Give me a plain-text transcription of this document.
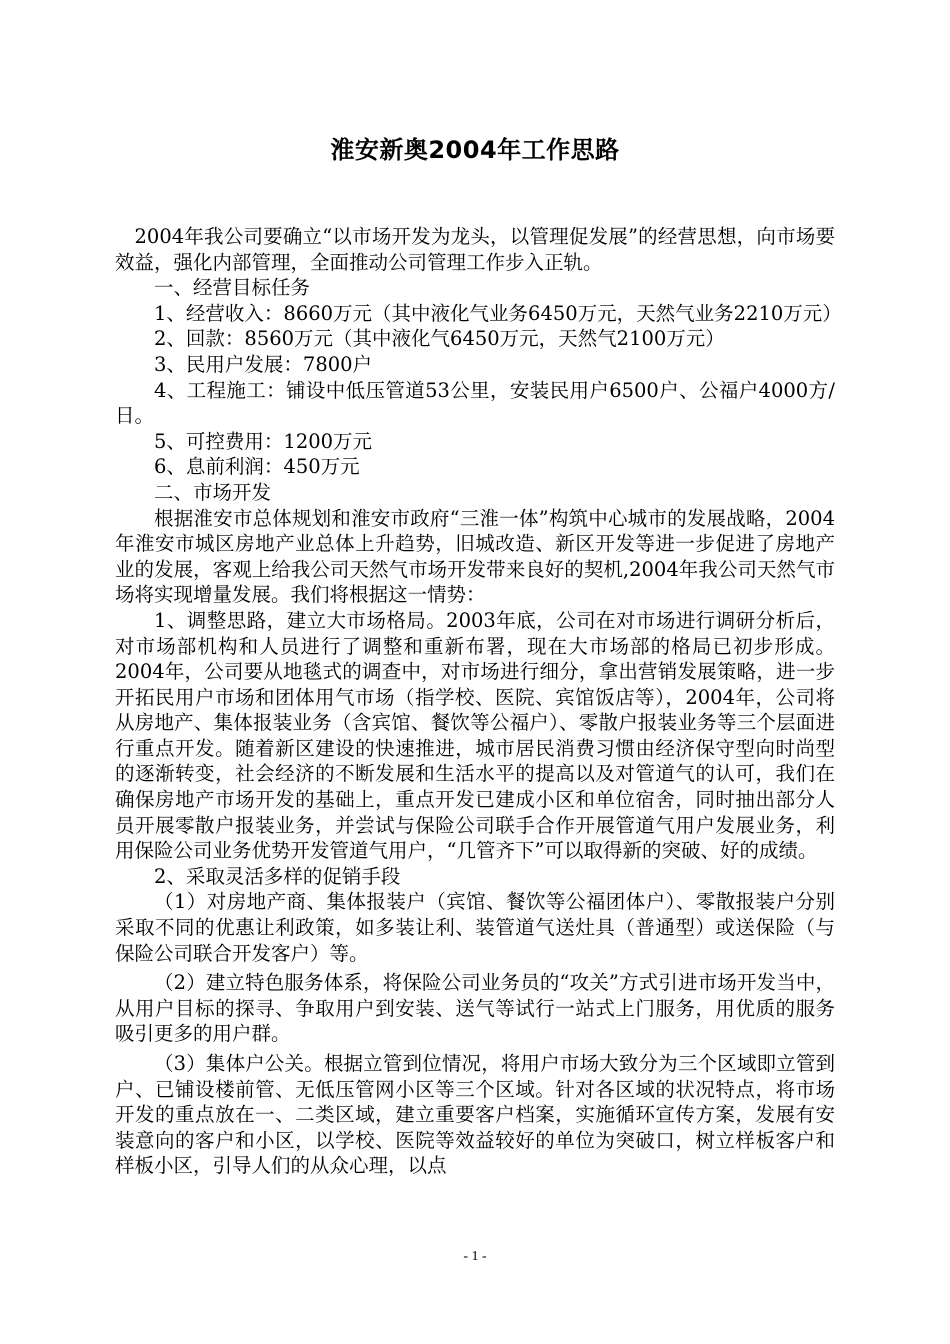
淮安新奥2004年工作思路

2004年我公司要确立“以市场开发为龙头，以管理促发展”的经营思想，向市场要效益，强化内部管理，全面推动公司管理工作步入正轨。

一、经营目标任务

1、经营收入：8660万元（其中液化气业务6450万元，天然气业务2210万元）

2、回款：8560万元（其中液化气6450万元，天然气2100万元）

3、民用户发展：7800户

4、工程施工：铺设中低压管道53公里，安装民用户6500户、公福户4000方/日。

5、可控费用：1200万元

6、息前利润：450万元

二、市场开发

根据淮安市总体规划和淮安市政府“三淮一体”构筑中心城市的发展战略，2004年淮安市城区房地产业总体上升趋势，旧城改造、新区开发等进一步促进了房地产业的发展，客观上给我公司天然气市场开发带来良好的契机,2004年我公司天然气市场将实现增量发展。我们将根据这一情势：

1、调整思路，建立大市场格局。2003年底，公司在对市场进行调研分析后，对市场部机构和人员进行了调整和重新布署，现在大市场部的格局已初步形成。2004年，公司要从地毯式的调查中，对市场进行细分，拿出营销发展策略，进一步开拓民用户市场和团体用气市场（指学校、医院、宾馆饭店等），2004年，公司将从房地产、集体报装业务（含宾馆、餐饮等公福户）、零散户报装业务等三个层面进行重点开发。随着新区建设的快速推进，城市居民消费习惯由经济保守型向时尚型的逐渐转变，社会经济的不断发展和生活水平的提高以及对管道气的认可，我们在确保房地产市场开发的基础上，重点开发已建成小区和单位宿舍，同时抽出部分人员开展零散户报装业务，并尝试与保险公司联手合作开展管道气用户发展业务，利用保险公司业务优势开发管道气用户，“几管齐下”可以取得新的突破、好的成绩。

2、采取灵活多样的促销手段

（1）对房地产商、集体报装户（宾馆、餐饮等公福团体户）、零散报装户分别采取不同的优惠让利政策，如多装让利、装管道气送灶具（普通型）或送保险（与保险公司联合开发客户）等。

（2）建立特色服务体系，将保险公司业务员的“攻关”方式引进市场开发当中，从用户目标的探寻、争取用户到安装、送气等试行一站式上门服务，用优质的服务吸引更多的用户群。

（3）集体户公关。根据立管到位情况，将用户市场大致分为三个区域即立管到户、已铺设楼前管、无低压管网小区等三个区域。针对各区域的状况特点，将市场开发的重点放在一、二类区域，建立重要客户档案，实施循环宣传方案，发展有安装意向的客户和小区，以学校、医院等效益较好的单位为突破口，树立样板客户和样板小区，引导人们的从众心理，以点

- 1 -
